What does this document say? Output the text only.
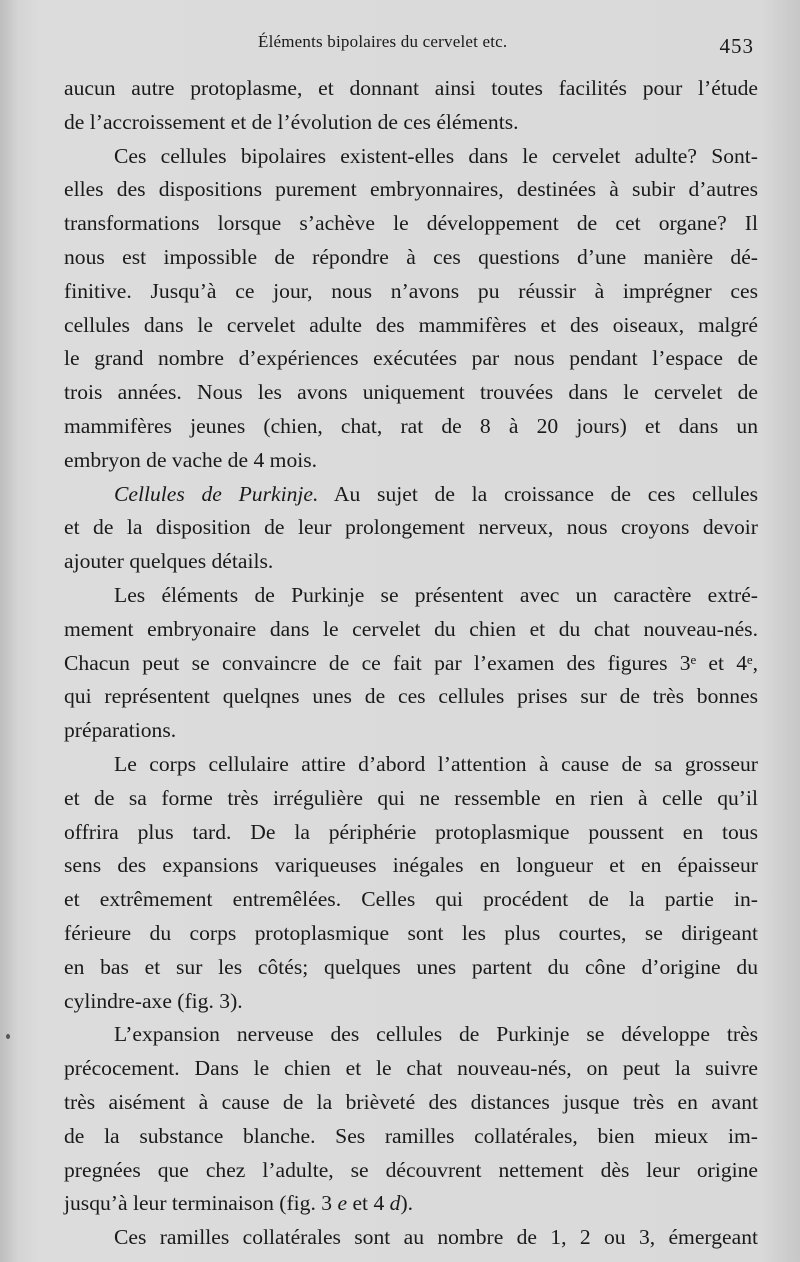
Éléments bipolaires du cervelet etc.	453
aucun autre protoplasme, et donnant ainsi toutes facilités pour l’étude
de l’accroissement et de l’évolution de ces éléments.
Ces cellules bipolaires existent-elles dans le cervelet adulte? Sont-
elles des dispositions purement embryonnaires, destinées à subir d’autres
transformations lorsque s’achève le développement de cet organe? Il
nous est impossible de répondre à ces questions d’une manière dé-
finitive. Jusqu’à ce jour, nous n’avons pu réussir à imprégner ces
cellules dans le cervelet adulte des mammifères et des oiseaux, malgré
le grand nombre d’expériences exécutées par nous pendant l’espace de
trois années. Nous les avons uniquement trouvées dans le cervelet de
mammifères jeunes (chien, chat, rat de 8 à 20 jours) et dans un
embryon de vache de 4 mois.
Cellules de Purkinje. Au sujet de la croissance de ces cellules
et de la disposition de leur prolongement nerveux, nous croyons devoir
ajouter quelques détails.
Les éléments de Purkinje se présentent avec un caractère extré-
mement embryonaire dans le cervelet du chien et du chat nouveau-nés.
Chacun peut se convaincre de ce fait par l’examen des figures 3ᵉ et 4ᵉ,
qui représentent quelqnes unes de ces cellules prises sur de très bonnes
préparations.
Le corps cellulaire attire d’abord l’attention à cause de sa grosseur
et de sa forme très irrégulière qui ne ressemble en rien à celle qu’il
offrira plus tard. De la périphérie protoplasmique poussent en tous
sens des expansions variqueuses inégales en longueur et en épaisseur
et extrêmement entremêlées. Celles qui procédent de la partie in-
férieure du corps protoplasmique sont les plus courtes, se dirigeant
en bas et sur les côtés; quelques unes partent du cône d’origine du
cylindre-axe (fig. 3).
L’expansion nerveuse des cellules de Purkinje se développe très
précocement. Dans le chien et le chat nouveau-nés, on peut la suivre
très aisément à cause de la brièveté des distances jusque très en avant
de la substance blanche. Ses ramilles collatérales, bien mieux im-
pregnées que chez l’adulte, se découvrent nettement dès leur origine
jusqu’à leur terminaison (fig. 3 e et 4 d).
Ces ramilles collatérales sont au nombre de 1, 2 ou 3, émergeant
